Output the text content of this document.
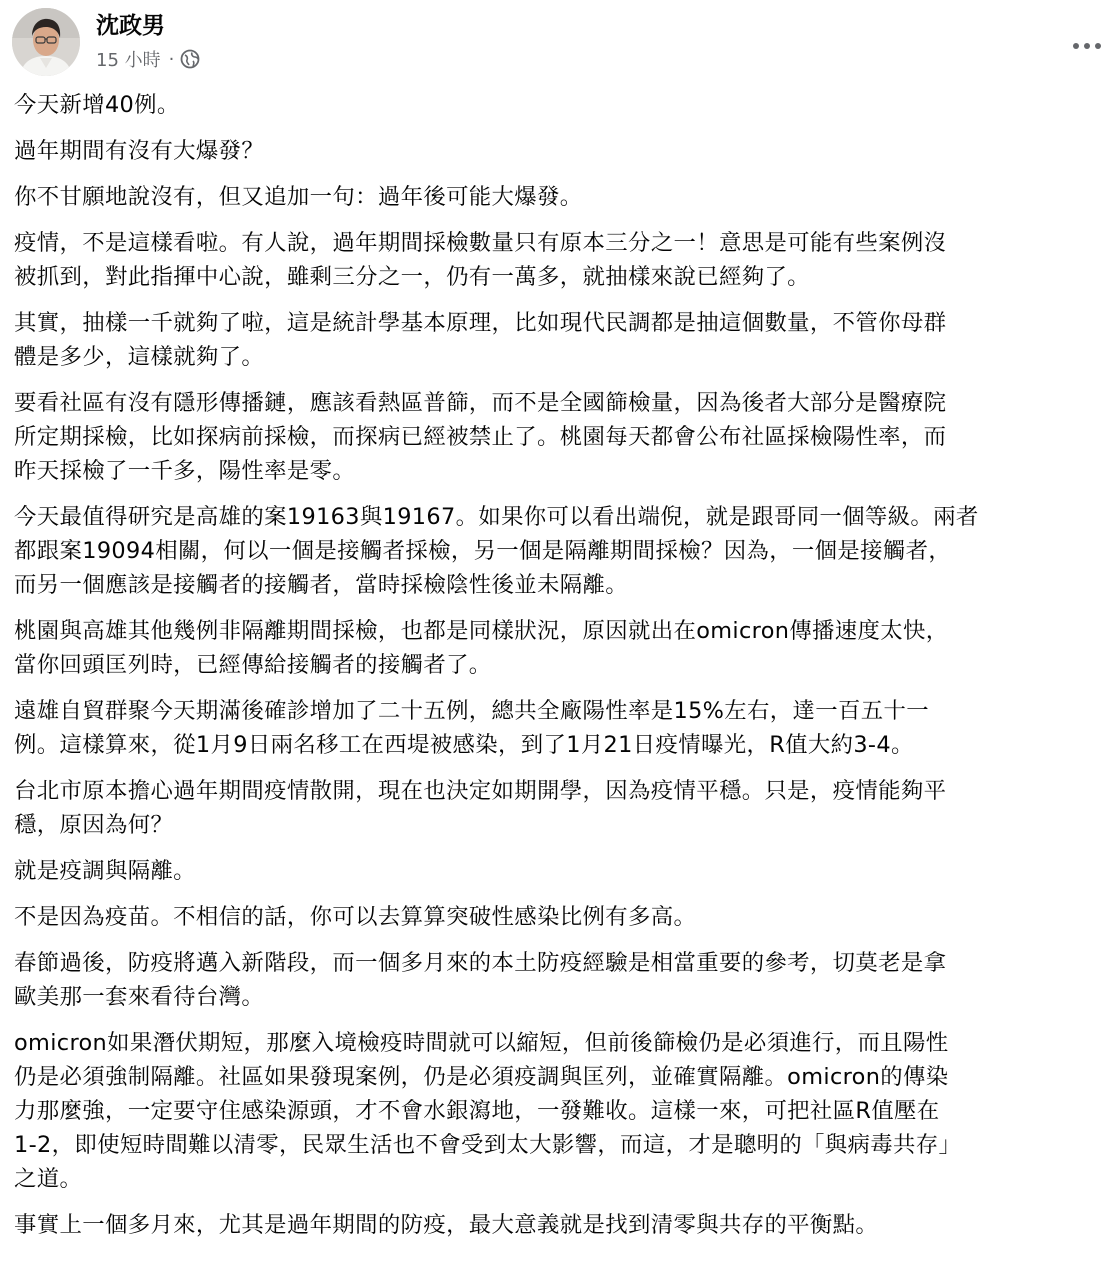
沈政男
15 小時 ·

今天新增40例。

過年期間有沒有大爆發？

你不甘願地說沒有，但又追加一句：過年後可能大爆發。

疫情，不是這樣看啦。有人說，過年期間採檢數量只有原本三分之一！意思是可能有些案例沒
被抓到，對此指揮中心說，雖剩三分之一，仍有一萬多，就抽樣來說已經夠了。

其實，抽樣一千就夠了啦，這是統計學基本原理，比如現代民調都是抽這個數量，不管你母群
體是多少，這樣就夠了。

要看社區有沒有隱形傳播鏈，應該看熱區普篩，而不是全國篩檢量，因為後者大部分是醫療院
所定期採檢，比如探病前採檢，而探病已經被禁止了。桃園每天都會公布社區採檢陽性率，而
昨天採檢了一千多，陽性率是零。

今天最值得研究是高雄的案19163與19167。如果你可以看出端倪，就是跟哥同一個等級。兩者
都跟案19094相關，何以一個是接觸者採檢，另一個是隔離期間採檢？因為，一個是接觸者，
而另一個應該是接觸者的接觸者，當時採檢陰性後並未隔離。

桃園與高雄其他幾例非隔離期間採檢，也都是同樣狀況，原因就出在omicron傳播速度太快，
當你回頭匡列時，已經傳給接觸者的接觸者了。

遠雄自貿群聚今天期滿後確診增加了二十五例，總共全廠陽性率是15%左右，達一百五十一
例。這樣算來，從1月9日兩名移工在西堤被感染，到了1月21日疫情曝光，R值大約3-4。

台北市原本擔心過年期間疫情散開，現在也決定如期開學，因為疫情平穩。只是，疫情能夠平
穩，原因為何？

就是疫調與隔離。

不是因為疫苗。不相信的話，你可以去算算突破性感染比例有多高。

春節過後，防疫將邁入新階段，而一個多月來的本土防疫經驗是相當重要的參考，切莫老是拿
歐美那一套來看待台灣。

omicron如果潛伏期短，那麼入境檢疫時間就可以縮短，但前後篩檢仍是必須進行，而且陽性
仍是必須強制隔離。社區如果發現案例，仍是必須疫調與匡列，並確實隔離。omicron的傳染
力那麼強，一定要守住感染源頭，才不會水銀瀉地，一發難收。這樣一來，可把社區R值壓在
1-2，即使短時間難以清零，民眾生活也不會受到太大影響，而這，才是聰明的「與病毒共存」
之道。

事實上一個多月來，尤其是過年期間的防疫，最大意義就是找到清零與共存的平衡點。
